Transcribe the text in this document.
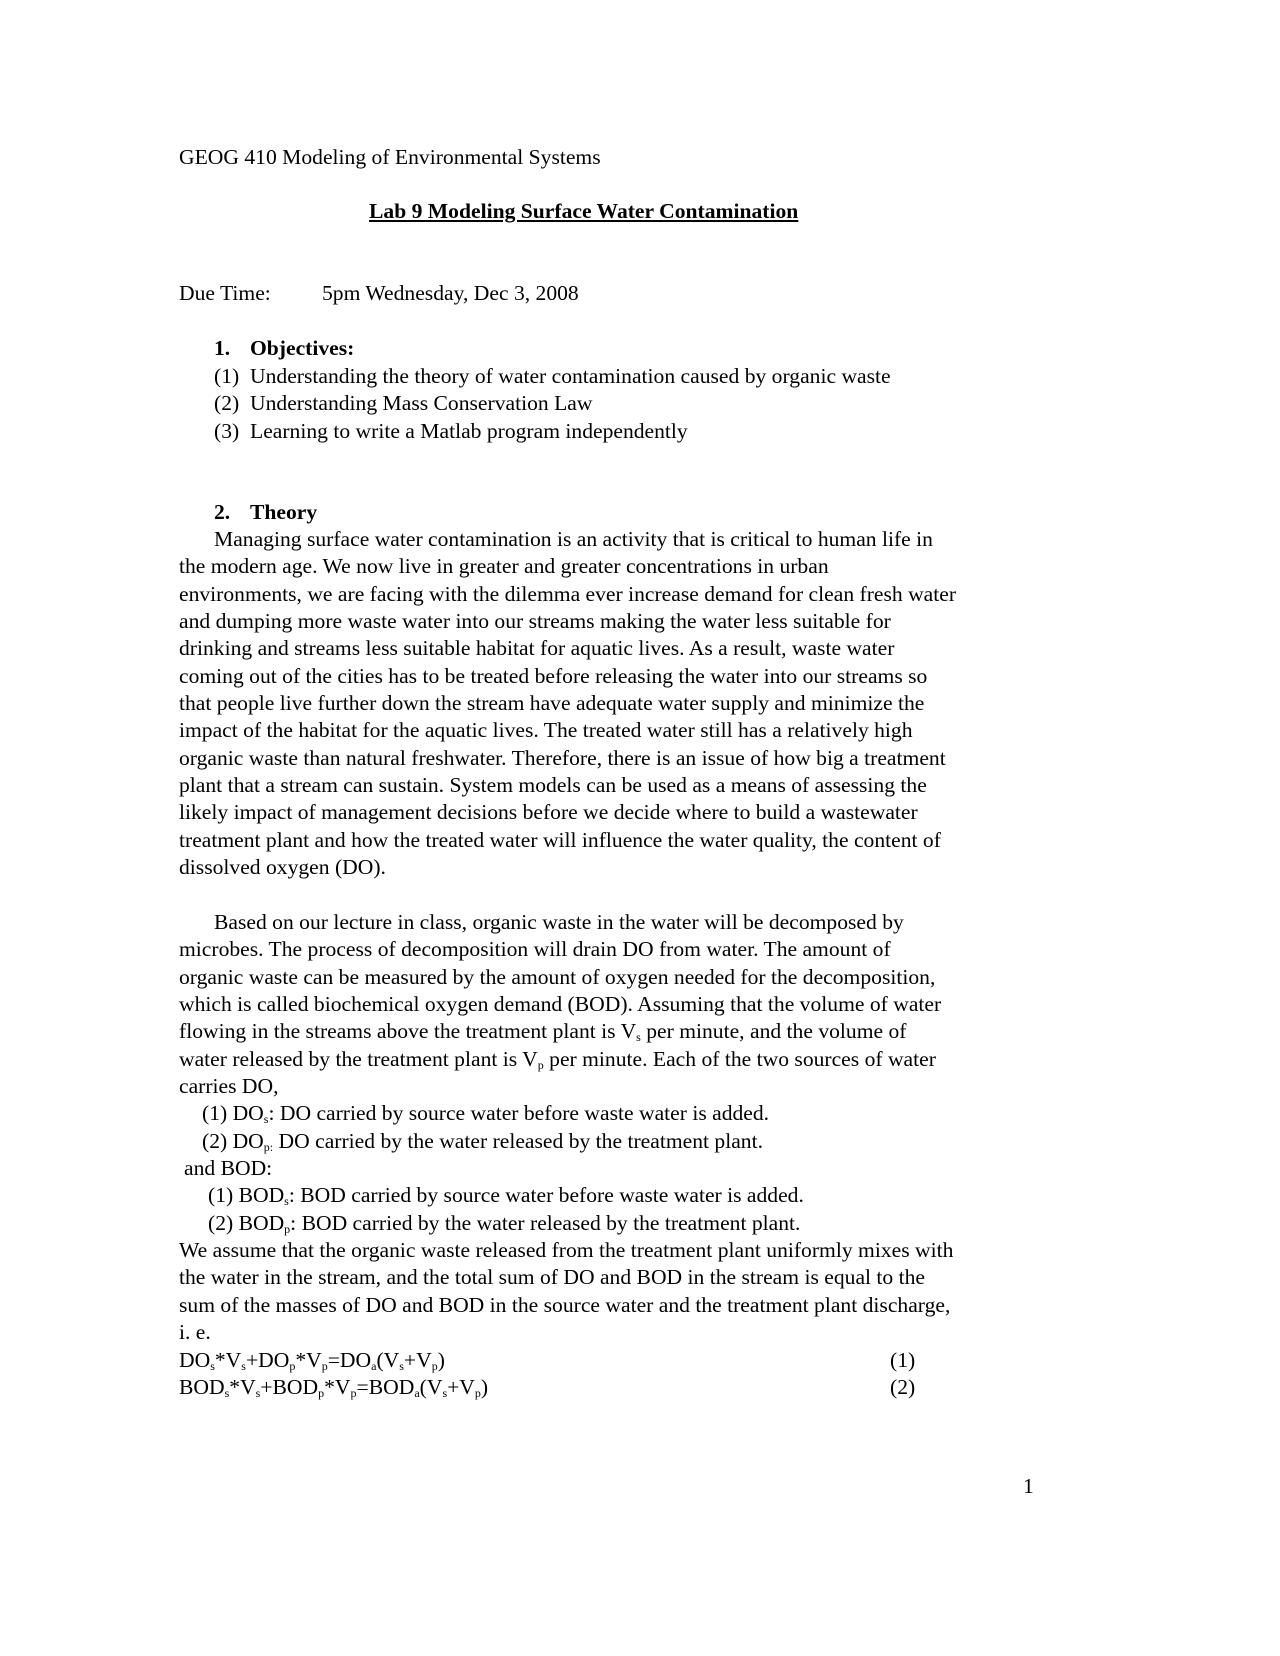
GEOG 410 Modeling of Environmental Systems
Lab 9 Modeling Surface Water Contamination
Due Time: 5pm Wednesday, Dec 3, 2008
1. Objectives:
(1) Understanding the theory of water contamination caused by organic waste
(2) Understanding Mass Conservation Law
(3) Learning to write a Matlab program independently
2. Theory
Managing surface water contamination is an activity that is critical to human life in
the modern age. We now live in greater and greater concentrations in urban
environments, we are facing with the dilemma ever increase demand for clean fresh water
and dumping more waste water into our streams making the water less suitable for
drinking and streams less suitable habitat for aquatic lives. As a result, waste water
coming out of the cities has to be treated before releasing the water into our streams so
that people live further down the stream have adequate water supply and minimize the
impact of the habitat for the aquatic lives. The treated water still has a relatively high
organic waste than natural freshwater. Therefore, there is an issue of how big a treatment
plant that a stream can sustain. System models can be used as a means of assessing the
likely impact of management decisions before we decide where to build a wastewater
treatment plant and how the treated water will influence the water quality, the content of
dissolved oxygen (DO).
Based on our lecture in class, organic waste in the water will be decomposed by
microbes. The process of decomposition will drain DO from water. The amount of
organic waste can be measured by the amount of oxygen needed for the decomposition,
which is called biochemical oxygen demand (BOD). Assuming that the volume of water
flowing in the streams above the treatment plant is $V_s$ per minute, and the volume of
water released by the treatment plant is $V_p$ per minute. Each of the two sources of water
carries DO,
(1) $DO_s$: DO carried by source water before waste water is added.
(2) $DO_{p:}$ DO carried by the water released by the treatment plant.
and BOD:
(1) $BOD_s$: BOD carried by source water before waste water is added.
(2) $BOD_p$: BOD carried by the water released by the treatment plant.
We assume that the organic waste released from the treatment plant uniformly mixes with
the water in the stream, and the total sum of DO and BOD in the stream is equal to the
sum of the masses of DO and BOD in the source water and the treatment plant discharge,
i. e.
$DO_s*V_s+DO_p*V_p=DO_a(V_s+V_p)$	(1)
$BOD_s*V_s+BOD_p*V_p=BOD_a(V_s+V_p)$	(2)
1
